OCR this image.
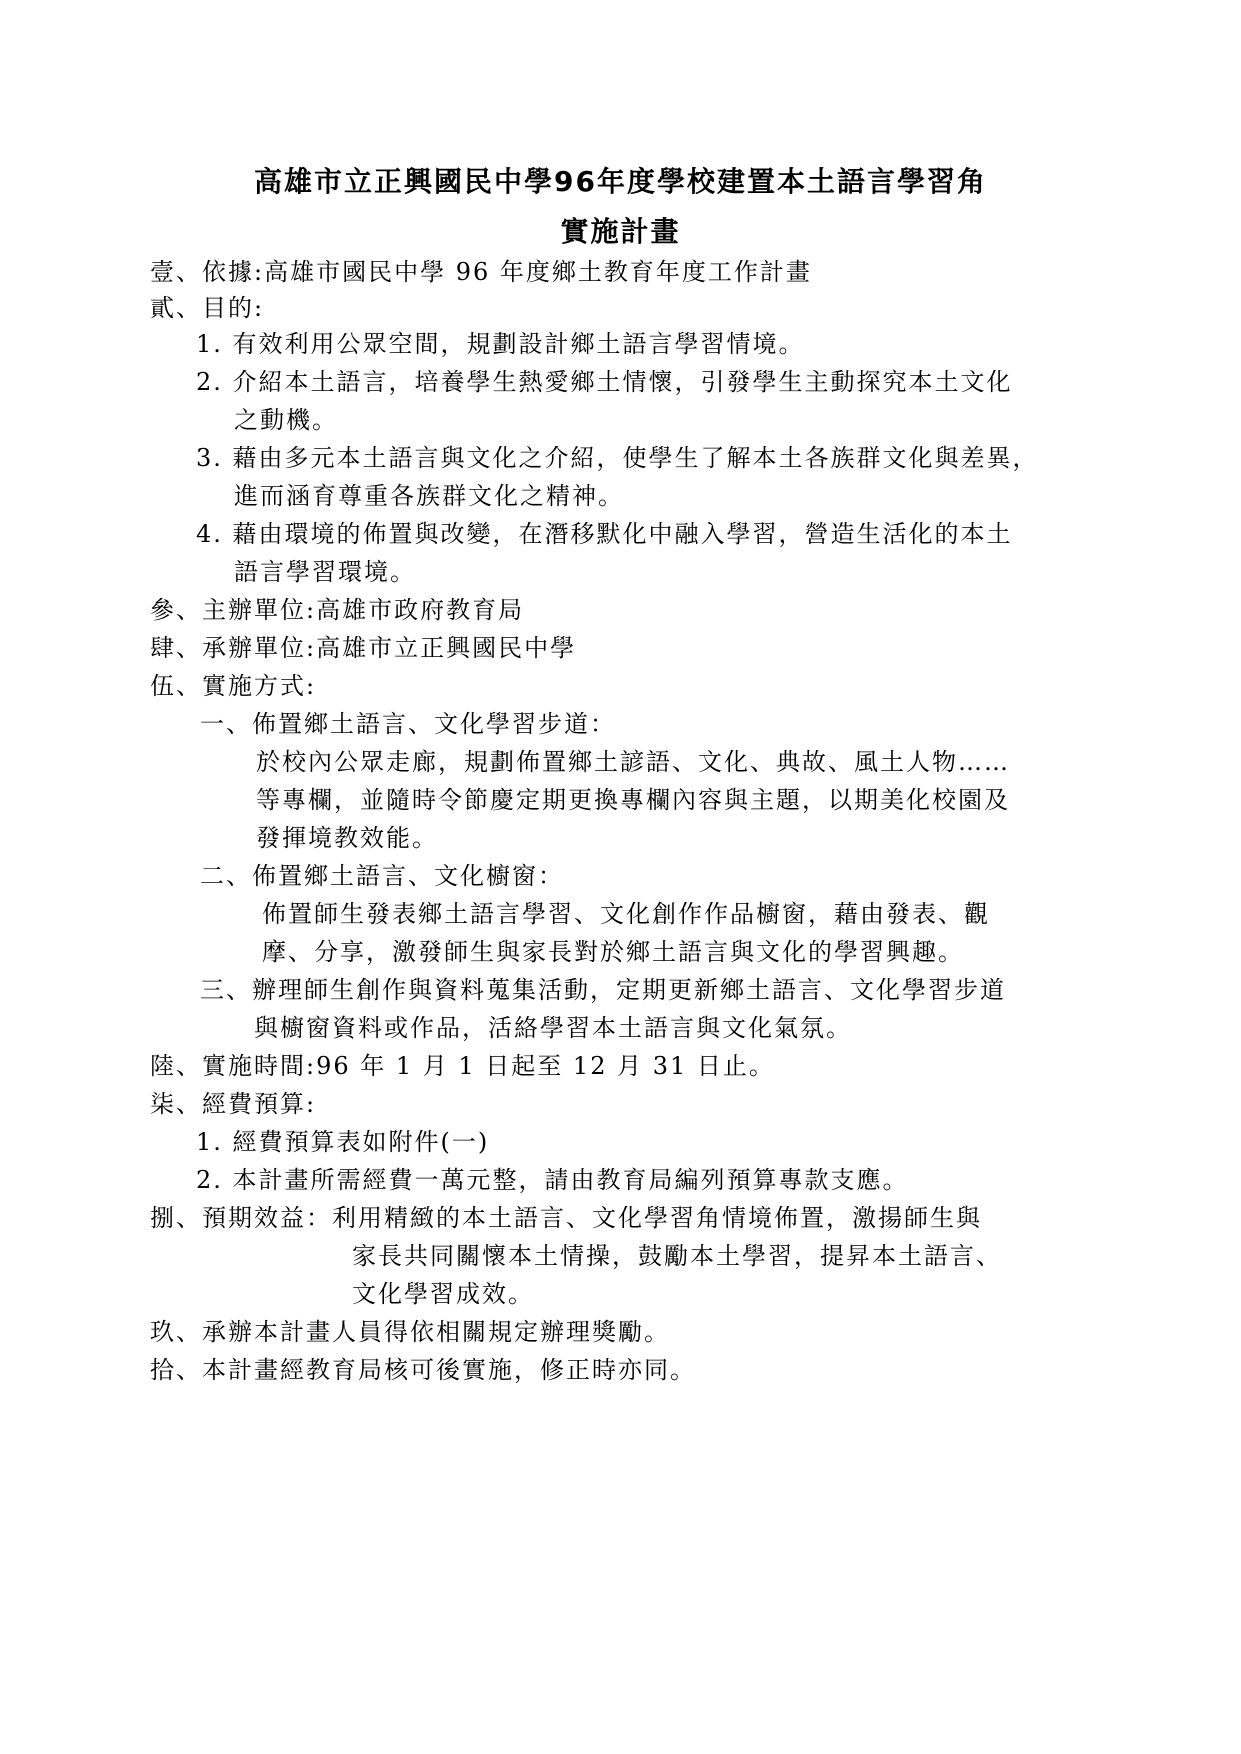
高雄市立正興國民中學96年度學校建置本土語言學習角
實施計畫
壹、依據:高雄市國民中學 96 年度鄉土教育年度工作計畫
貳、目的:
1. 有效利用公眾空間，規劃設計鄉土語言學習情境。
2. 介紹本土語言，培養學生熱愛鄉土情懷，引發學生主動探究本土文化
之動機。
3. 藉由多元本土語言與文化之介紹，使學生了解本土各族群文化與差異，
進而涵育尊重各族群文化之精神。
4. 藉由環境的佈置與改變，在潛移默化中融入學習，營造生活化的本土
語言學習環境。
參、主辦單位:高雄市政府教育局
肆、承辦單位:高雄市立正興國民中學
伍、實施方式:
一、佈置鄉土語言、文化學習步道：
於校內公眾走廊，規劃佈置鄉土諺語、文化、典故、風土人物……
等專欄，並隨時令節慶定期更換專欄內容與主題，以期美化校園及
發揮境教效能。
二、佈置鄉土語言、文化櫥窗：
佈置師生發表鄉土語言學習、文化創作作品櫥窗，藉由發表、觀
摩、分享，激發師生與家長對於鄉土語言與文化的學習興趣。
三、辦理師生創作與資料蒐集活動，定期更新鄉土語言、文化學習步道
與櫥窗資料或作品，活絡學習本土語言與文化氣氛。
陸、實施時間:96 年 1 月 1 日起至 12 月 31 日止。
柒、經費預算:
1. 經費預算表如附件(一)
2. 本計畫所需經費一萬元整，請由教育局編列預算專款支應。
捌、預期效益：利用精緻的本土語言、文化學習角情境佈置，激揚師生與
家長共同關懷本土情操，鼓勵本土學習，提昇本土語言、
文化學習成效。
玖、承辦本計畫人員得依相關規定辦理獎勵。
拾、本計畫經教育局核可後實施，修正時亦同。
